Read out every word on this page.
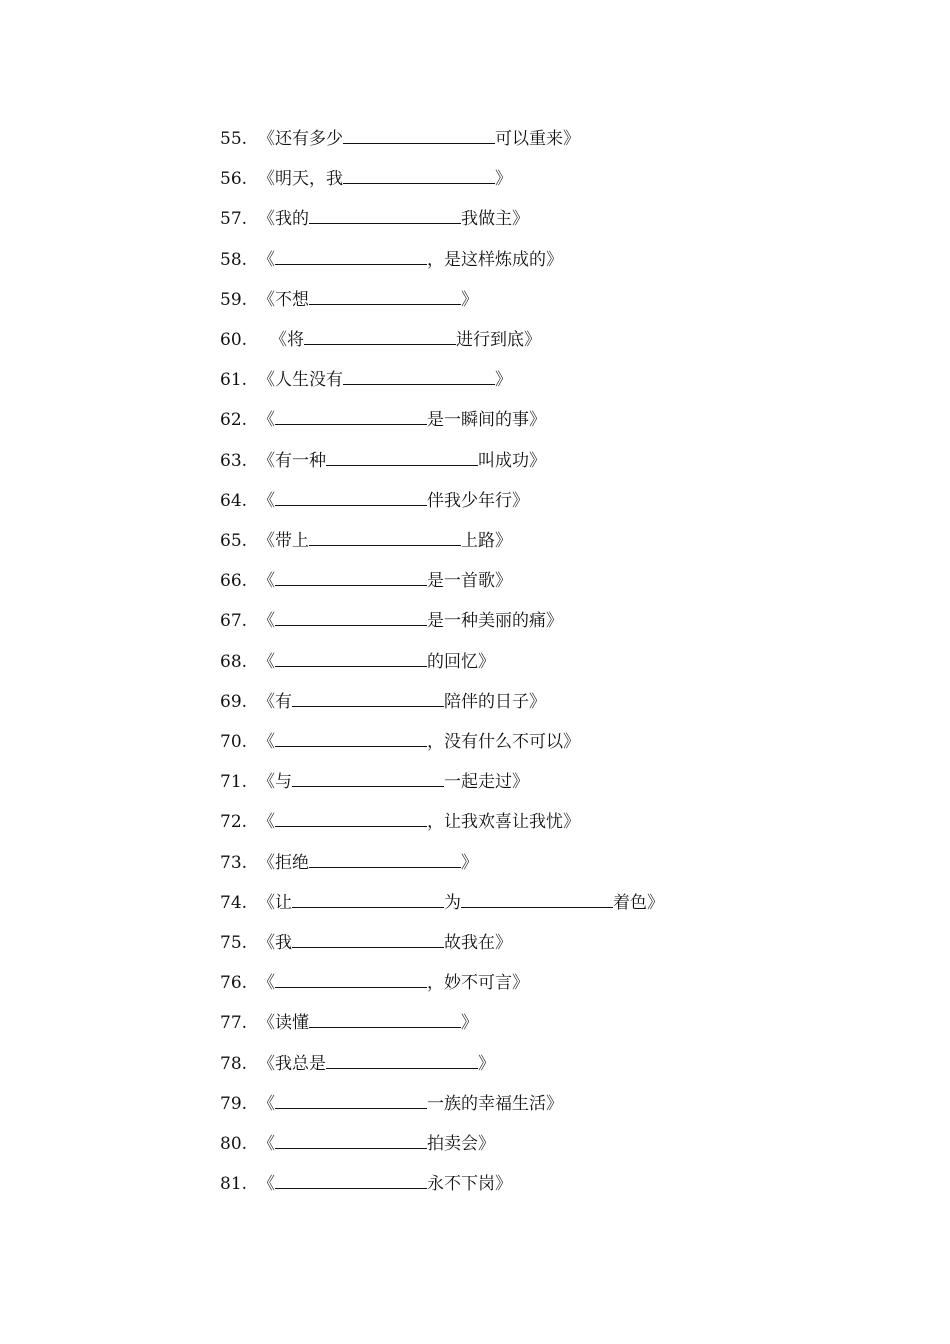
55. 《还有多少	可以重来》
56. 《明天，我	》
57. 《我的	我做主》
58. 《	，是这样炼成的》
59. 《不想	》
60. 《将	进行到底》
61. 《人生没有	》
62. 《	是一瞬间的事》
63. 《有一种	叫成功》
64. 《	伴我少年行》
65. 《带上	上路》
66. 《	是一首歌》
67. 《	是一种美丽的痛》
68. 《	的回忆》
69. 《有	陪伴的日子》
70. 《	，没有什么不可以》
71. 《与	一起走过》
72. 《	，让我欢喜让我忧》
73. 《拒绝	》
74. 《让	为	着色》
75. 《我	故我在》
76. 《	，妙不可言》
77. 《读懂	》
78. 《我总是	》
79. 《	一族的幸福生活》
80. 《	拍卖会》
81. 《	永不下岗》
